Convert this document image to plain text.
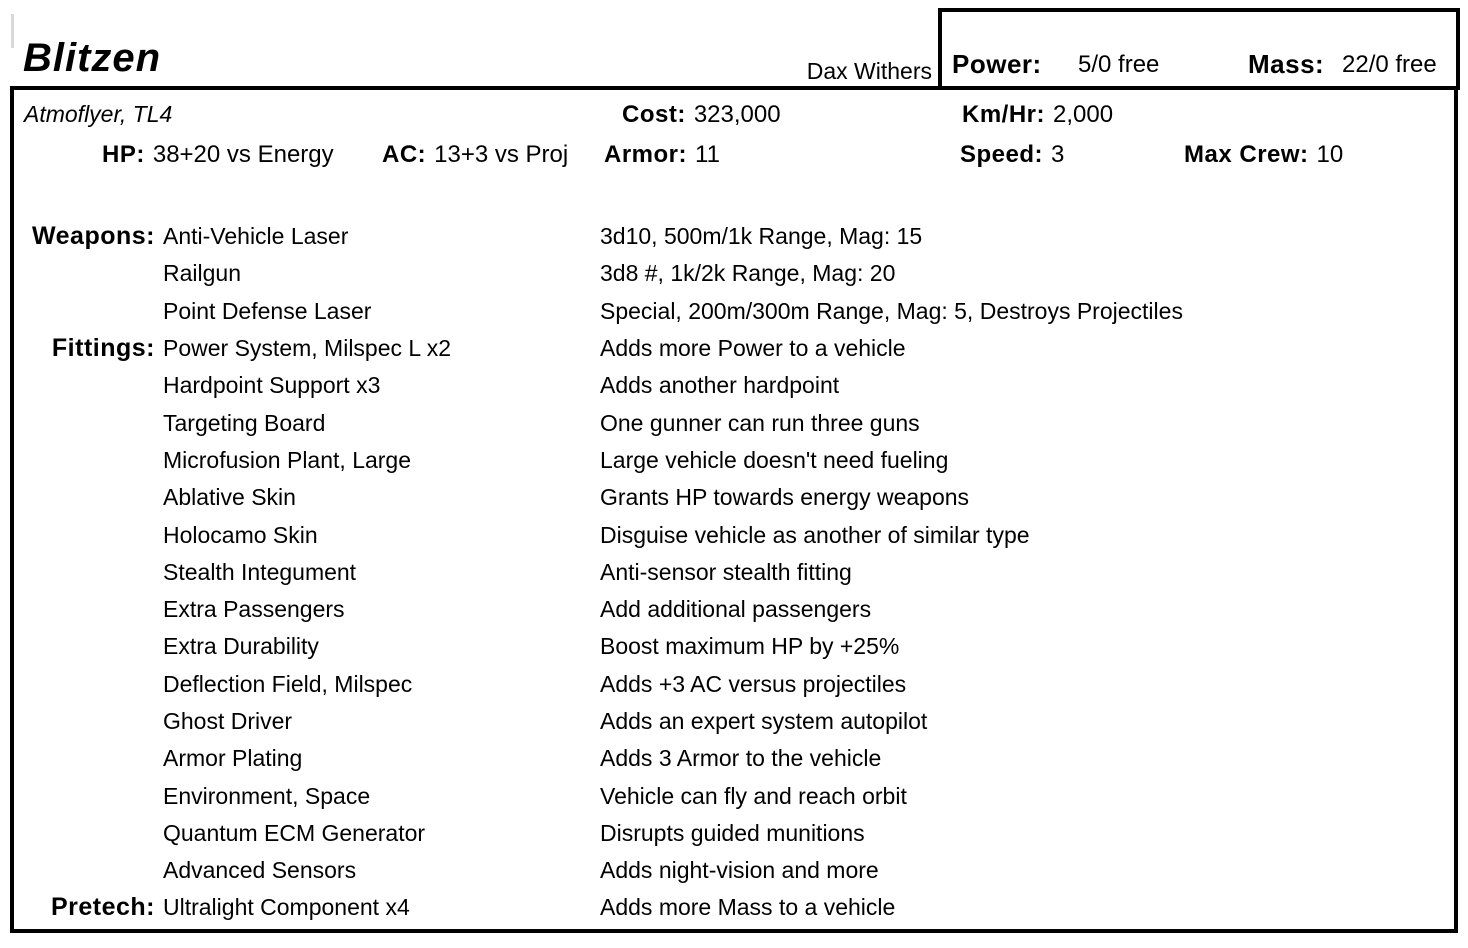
Blitzen	Dax Withers Power: 5/0 free	Mass: 22/0 free
Atmoflyer, TL4	Cost: 323,000	Km/Hr: 2,000
HP: 38+20 vs Energy AC: 13+3 vs Proj Armor: 11	Speed: 3	Max Crew: 10
Weapons: Anti-Vehicle Laser	3d10, 500m/1k Range, Mag: 15
Railgun	3d8 #, 1k/2k Range, Mag: 20
Point Defense Laser	Special, 200m/300m Range, Mag: 5, Destroys Projectiles
Fittings: Power System, Milspec L x2	Adds more Power to a vehicle
Hardpoint Support x3	Adds another hardpoint
Targeting Board	One gunner can run three guns
Microfusion Plant, Large	Large vehicle doesn't need fueling
Ablative Skin	Grants HP towards energy weapons
Holocamo Skin	Disguise vehicle as another of similar type
Stealth Integument	Anti-sensor stealth fitting
Extra Passengers	Add additional passengers
Extra Durability	Boost maximum HP by +25%
Deflection Field, Milspec	Adds +3 AC versus projectiles
Ghost Driver	Adds an expert system autopilot
Armor Plating	Adds 3 Armor to the vehicle
Environment, Space	Vehicle can fly and reach orbit
Quantum ECM Generator	Disrupts guided munitions
Advanced Sensors	Adds night-vision and more
Pretech: Ultralight Component x4	Adds more Mass to a vehicle
